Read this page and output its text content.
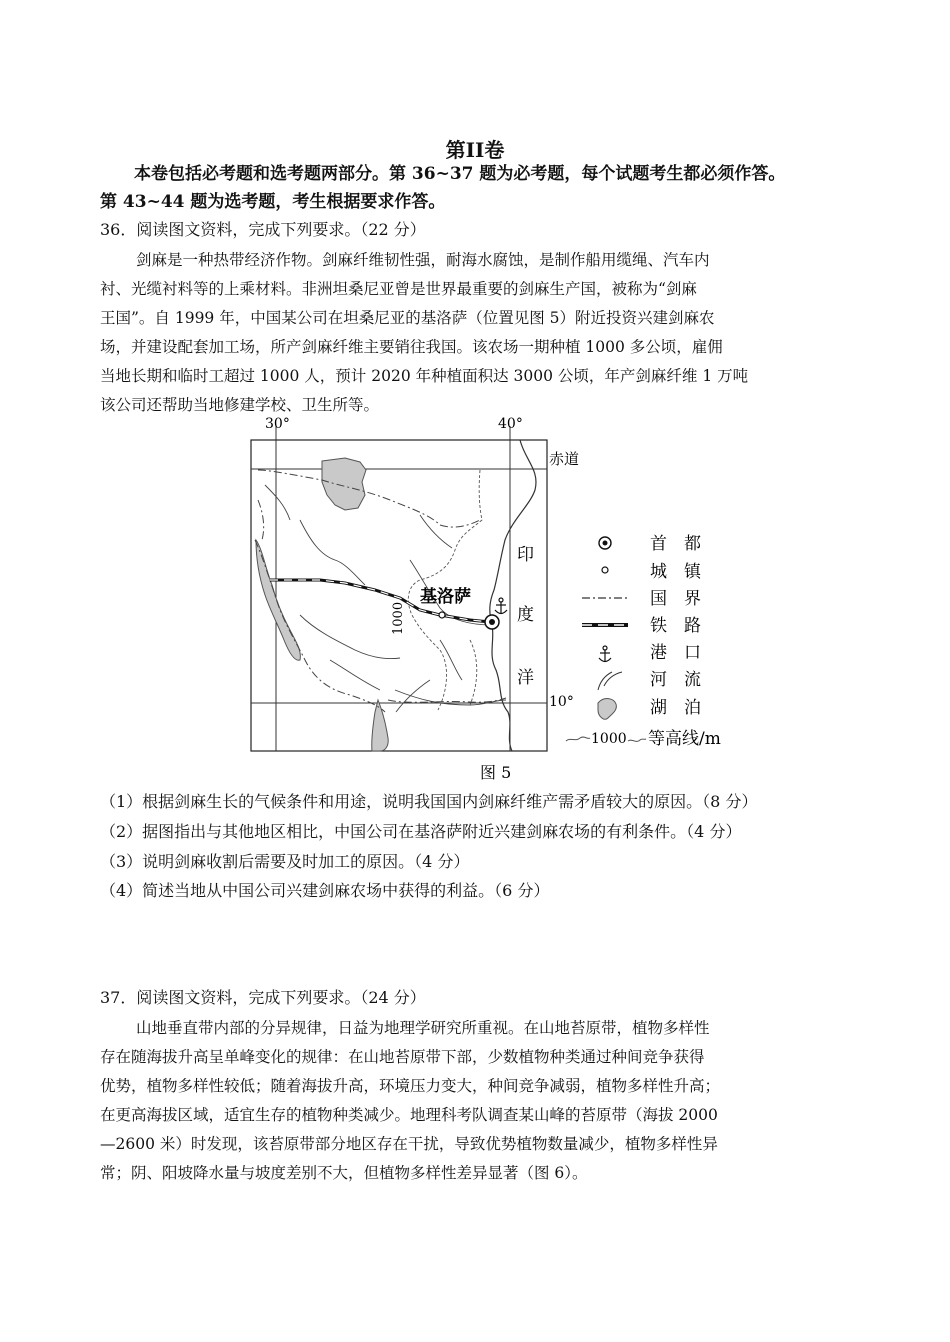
第II卷
本卷包括必考题和选考题两部分。第 36~37 题为必考题，每个试题考生都必须作答。
第 43~44 题为选考题，考生根据要求作答。
36．阅读图文资料，完成下列要求。（22 分）

剑麻是一种热带经济作物。剑麻纤维韧性强，耐海水腐蚀，是制作船用缆绳、汽车内

衬、光缆衬料等的上乘材料。非洲坦桑尼亚曾是世界最重要的剑麻生产国，被称为“剑麻

王国”。自 1999 年，中国某公司在坦桑尼亚的基洛萨（位置见图 5）附近投资兴建剑麻农

场，并建设配套加工场，所产剑麻纤维主要销往我国。该农场一期种植 1000 多公顷，雇佣

当地长期和临时工超过 1000 人，预计 2020 年种植面积达 3000 公顷，年产剑麻纤维 1 万吨

该公司还帮助当地修建学校、卫生所等。

30°	40°
赤道
10°
1000
基洛萨
印
度
洋
首　都
城　镇
国　界
铁　路
港　口
河　流
湖　泊
1000 等高线/m
图 5
（1）根据剑麻生长的气候条件和用途，说明我国国内剑麻纤维产需矛盾较大的原因。（8 分）
（2）据图指出与其他地区相比，中国公司在基洛萨附近兴建剑麻农场的有利条件。（4 分）
（3）说明剑麻收割后需要及时加工的原因。（4 分）
（4）简述当地从中国公司兴建剑麻农场中获得的利益。（6 分）
37．阅读图文资料，完成下列要求。（24 分）

山地垂直带内部的分异规律，日益为地理学研究所重视。在山地苔原带，植物多样性

存在随海拔升高呈单峰变化的规律：在山地苔原带下部，少数植物种类通过种间竞争获得

优势，植物多样性较低；随着海拔升高，环境压力变大，种间竞争减弱，植物多样性升高；

在更高海拔区域，适宜生存的植物种类减少。地理科考队调查某山峰的苔原带（海拔 2000

—2600 米）时发现，该苔原带部分地区存在干扰，导致优势植物数量减少，植物多样性异

常；阴、阳坡降水量与坡度差别不大，但植物多样性差异显著（图 6）。
